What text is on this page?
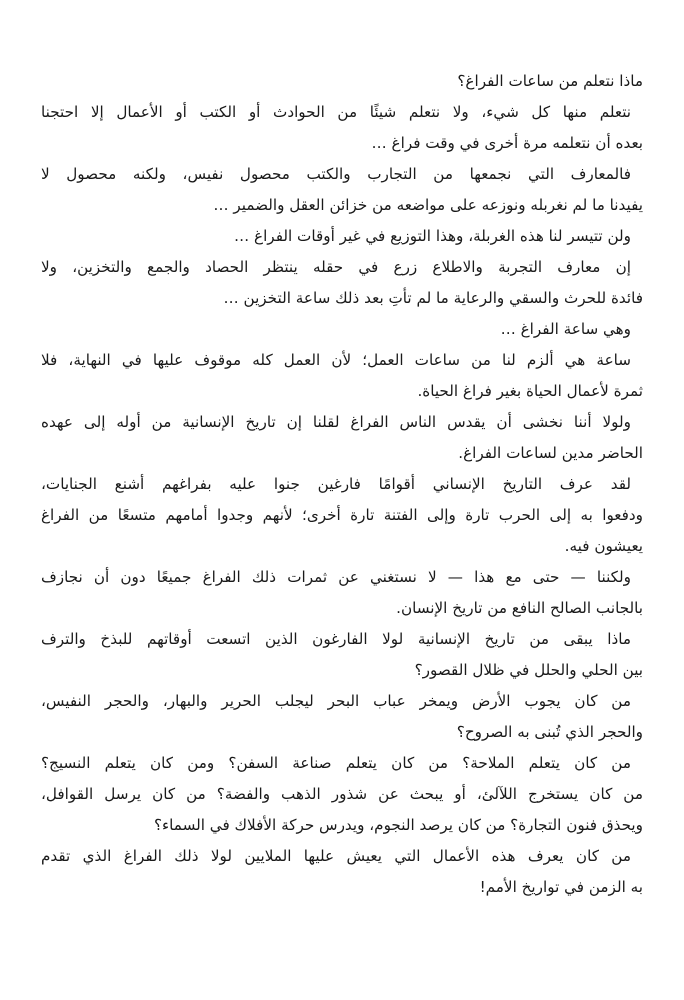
ماذا نتعلم من ساعات الفراغ؟
نتعلم منها كل شيء، ولا نتعلم شيئًا من الحوادث أو الكتب أو الأعمال إلا احتجنا
بعده أن نتعلمه مرة أخرى في وقت فراغ …
فالمعارف التي نجمعها من التجارب والكتب محصول نفيس، ولكنه محصول لا
يفيدنا ما لم نغربله ونوزعه على مواضعه من خزائن العقل والضمير …
ولن تتيسر لنا هذه الغربلة، وهذا التوزيع في غير أوقات الفراغ …
إن معارف التجربة والاطلاع زرع في حقله ينتظر الحصاد والجمع والتخزين، ولا
فائدة للحرث والسقي والرعاية ما لم تأتِ بعد ذلك ساعة التخزين …
وهي ساعة الفراغ …
ساعة هي ألزم لنا من ساعات العمل؛ لأن العمل كله موقوف عليها في النهاية، فلا
ثمرة لأعمال الحياة بغير فراغ الحياة.
ولولا أننا نخشى أن يقدس الناس الفراغ لقلنا إن تاريخ الإنسانية من أوله إلى عهده
الحاضر مدين لساعات الفراغ.
لقد عرف التاريخ الإنساني أقوامًا فارغين جنوا عليه بفراغهم أشنع الجنايات،
ودفعوا به إلى الحرب تارة وإلى الفتنة تارة أخرى؛ لأنهم وجدوا أمامهم متسعًا من الفراغ
يعيشون فيه.
ولكننا — حتى مع هذا — لا نستغني عن ثمرات ذلك الفراغ جميعًا دون أن نجازف
بالجانب الصالح النافع من تاريخ الإنسان.
ماذا يبقى من تاريخ الإنسانية لولا الفارغون الذين اتسعت أوقاتهم للبذخ والترف
بين الحلي والحلل في ظلال القصور؟
من كان يجوب الأرض ويمخر عباب البحر ليجلب الحرير والبهار، والحجر النفيس،
والحجر الذي تُبنى به الصروح؟
من كان يتعلم الملاحة؟ من كان يتعلم صناعة السفن؟ ومن كان يتعلم النسيج؟
من كان يستخرج اللآلئ، أو يبحث عن شذور الذهب والفضة؟ من كان يرسل القوافل،
ويحذق فنون التجارة؟ من كان يرصد النجوم، ويدرس حركة الأفلاك في السماء؟
من كان يعرف هذه الأعمال التي يعيش عليها الملايين لولا ذلك الفراغ الذي تقدم
به الزمن في تواريخ الأمم!
